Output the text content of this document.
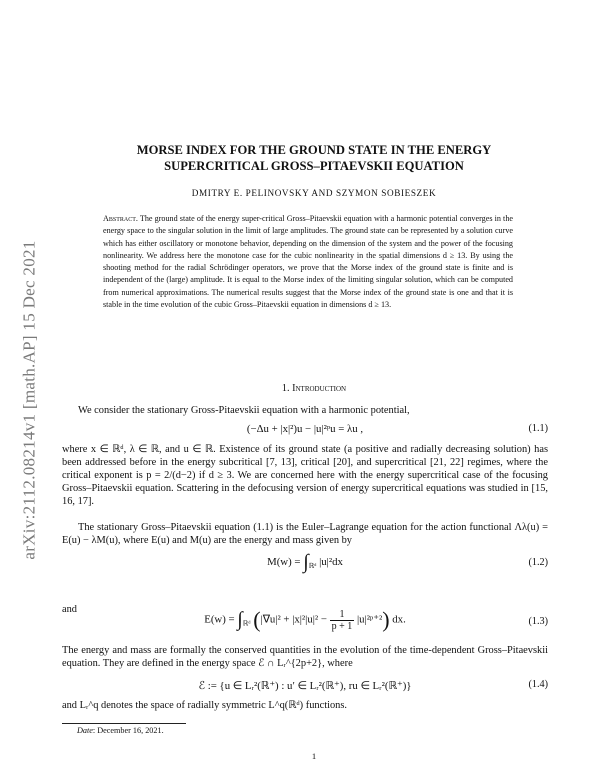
arXiv:2112.08214v1 [math.AP] 15 Dec 2021
MORSE INDEX FOR THE GROUND STATE IN THE ENERGY
SUPERCRITICAL GROSS–PITAEVSKII EQUATION
DMITRY E. PELINOVSKY AND SZYMON SOBIESZEK
Abstract. The ground state of the energy super-critical Gross–Pitaevskii equation with a harmonic potential converges in the energy space to the singular solution in the limit of large amplitudes. The ground state can be represented by a solution curve which has either oscillatory or monotone behavior, depending on the dimension of the system and the power of the focusing nonlinearity. We address here the monotone case for the cubic nonlinearity in the spatial dimensions d ≥ 13. By using the shooting method for the radial Schrödinger operators, we prove that the Morse index of the ground state is finite and is independent of the (large) amplitude. It is equal to the Morse index of the limiting singular solution, which can be computed from numerical approximations. The numerical results suggest that the Morse index of the ground state is one and that it is stable in the time evolution of the cubic Gross–Pitaevskii equation in dimensions d ≥ 13.
1. Introduction
We consider the stationary Gross-Pitaevskii equation with a harmonic potential,
(−Δu + |x|²)u − |u|²ᵖu = λu ,	(1.1)
where x ∈ ℝᵈ, λ ∈ ℝ, and u ∈ ℝ. Existence of its ground state (a positive and radially decreasing solution) has been addressed before in the energy subcritical [7, 13], critical [20], and supercritical [21, 22] regimes, where the critical exponent is p = 2/(d−2) if d ≥ 3. We are concerned here with the energy supercritical case of the focusing Gross–Pitaevskii equation. Scattering in the defocusing version of energy supercritical equations was studied in [15, 16, 17].
The stationary Gross–Pitaevskii equation (1.1) is the Euler–Lagrange equation for the action functional Λλ(u) = E(u) − λM(u), where E(u) and M(u) are the energy and mass given by
$M(w) = \int_{ℝᵈ}$ |u|²dx	(1.2)
and
$E(w) = \int_{ℝᵈ}$ ($|\nabla u|^2 + |x|^2|u|^2 - \frac{1}{p + 1}$ |u|²ᵖ⁺²) dx.	(1.3)
The energy and mass are formally the conserved quantities in the evolution of the time-dependent Gross–Pitaevskii equation. They are defined in the energy space ℰ ∩ Lᵣ^{2p+2}, where
ℰ := {u ∈ Lᵣ²(ℝ⁺) : u′ ∈ Lᵣ²(ℝ⁺), ru ∈ Lᵣ²(ℝ⁺)}	(1.4)
and Lᵣ^q denotes the space of radially symmetric L^q(ℝᵈ) functions.
Date: December 16, 2021.
1
